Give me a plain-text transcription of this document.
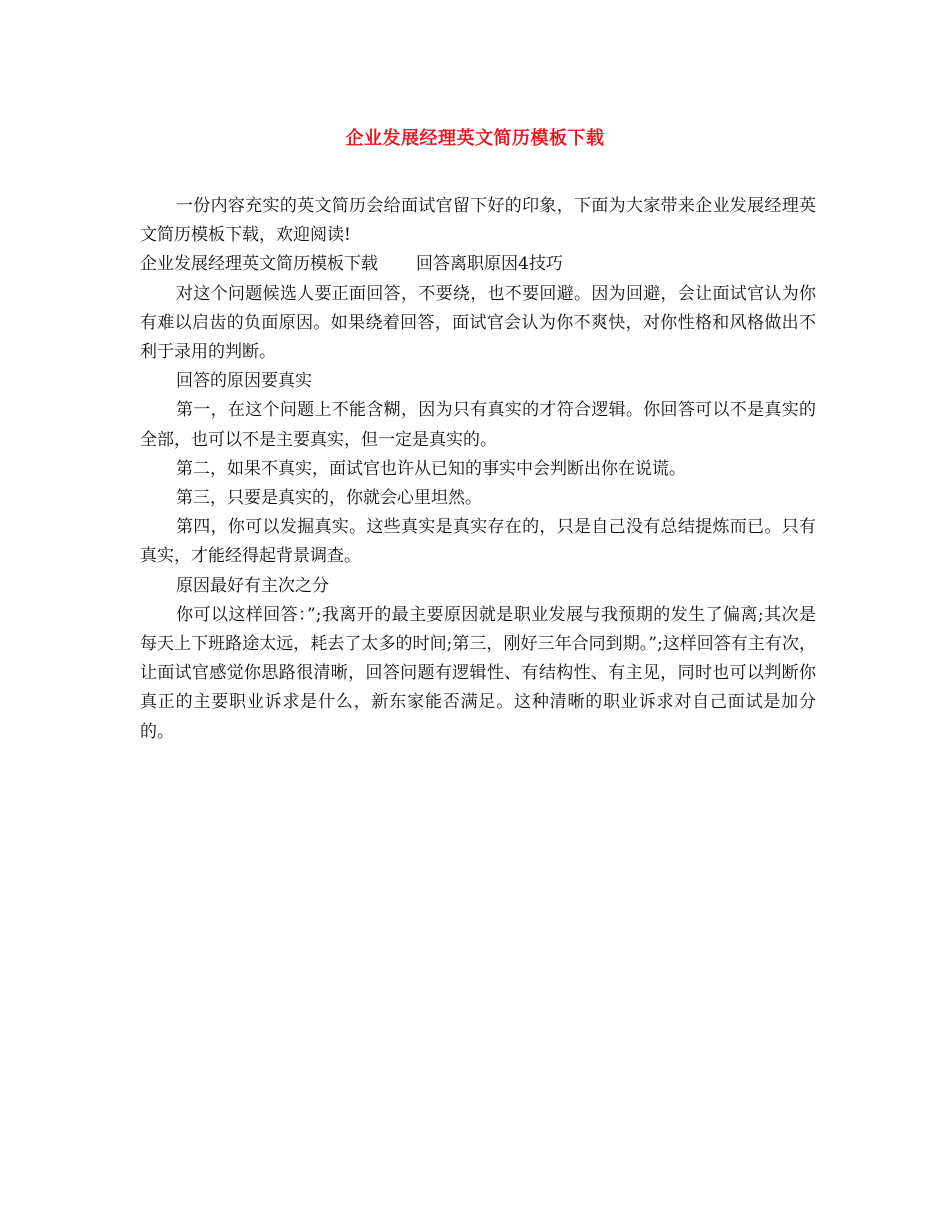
企业发展经理英文简历模板下载

一份内容充实的英文简历会给面试官留下好的印象，下面为大家带来企业发展经理英文简历模板下载，欢迎阅读!

企业发展经理英文简历模板下载 回答离职原因4技巧

对这个问题候选人要正面回答，不要绕，也不要回避。因为回避，会让面试官认为你有难以启齿的负面原因。如果绕着回答，面试官会认为你不爽快，对你性格和风格做出不利于录用的判断。

回答的原因要真实

第一，在这个问题上不能含糊，因为只有真实的才符合逻辑。你回答可以不是真实的全部，也可以不是主要真实，但一定是真实的。

第二，如果不真实，面试官也许从已知的事实中会判断出你在说谎。

第三，只要是真实的，你就会心里坦然。

第四，你可以发掘真实。这些真实是真实存在的，只是自己没有总结提炼而已。只有真实，才能经得起背景调查。

原因最好有主次之分

你可以这样回答：”;我离开的最主要原因就是职业发展与我预期的发生了偏离;其次是每天上下班路途太远，耗去了太多的时间;第三，刚好三年合同到期。”;这样回答有主有次，让面试官感觉你思路很清晰，回答问题有逻辑性、有结构性、有主见，同时也可以判断你真正的主要职业诉求是什么，新东家能否满足。这种清晰的职业诉求对自己面试是加分的。
